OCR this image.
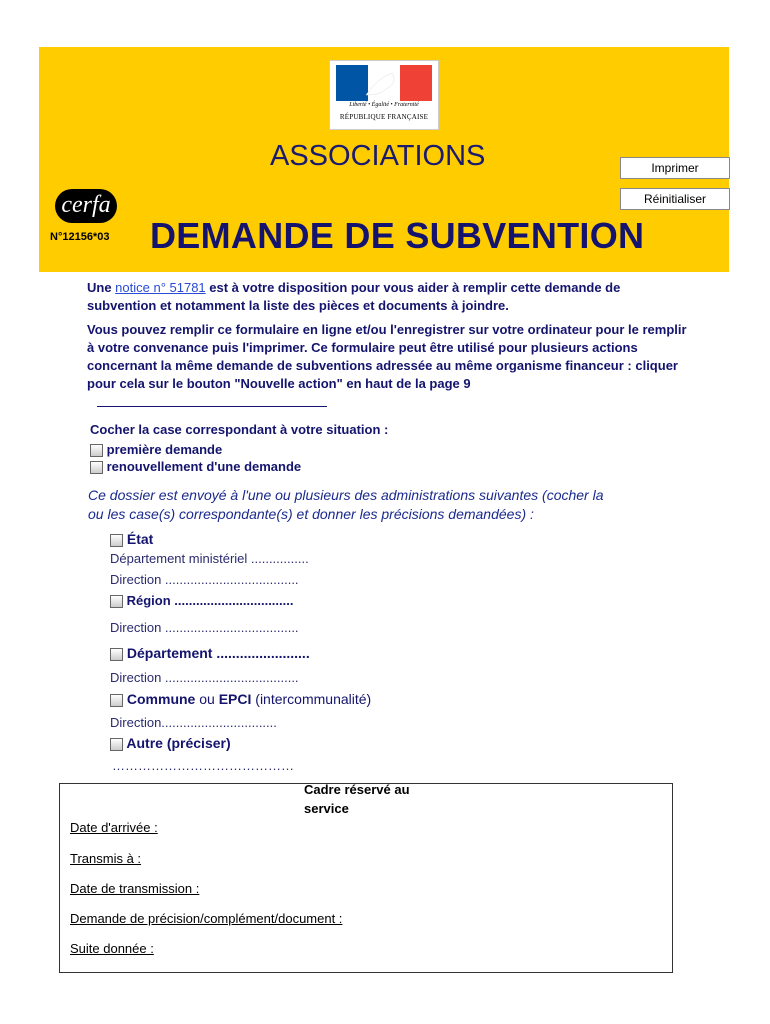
Liberté • Égalité • Fraternité
RÉPUBLIQUE FRANÇAISE
ASSOCIATIONS	Imprimer
Réinitialiser
cerfa
N°12156*03 DEMANDE DE SUBVENTION
Une notice n° 51781 est à votre disposition pour vous aider à remplir cette demande de
subvention et notamment la liste des pièces et documents à joindre.
Vous pouvez remplir ce formulaire en ligne et/ou l'enregistrer sur votre ordinateur pour le remplir
à votre convenance puis l'imprimer. Ce formulaire peut être utilisé pour plusieurs actions
concernant la même demande de subventions adressée au même organisme financeur : cliquer
pour cela sur le bouton "Nouvelle action" en haut de la page 9
Cocher la case correspondant à votre situation :
première demande
renouvellement d'une demande
Ce dossier est envoyé à l'une ou plusieurs des administrations suivantes (cocher la
ou les case(s) correspondante(s) et donner les précisions demandées) :
État
Département ministériel ................
Direction .....................................
Région .................................
Direction .....................................
Département ........................
Direction .....................................
Commune ou EPCI (intercommunalité)
Direction................................
Autre (préciser)
……………………………………
Cadre réservé au
service
Date d'arrivée :
Transmis à :
Date de transmission :
Demande de précision/complément/document :
Suite donnée :
